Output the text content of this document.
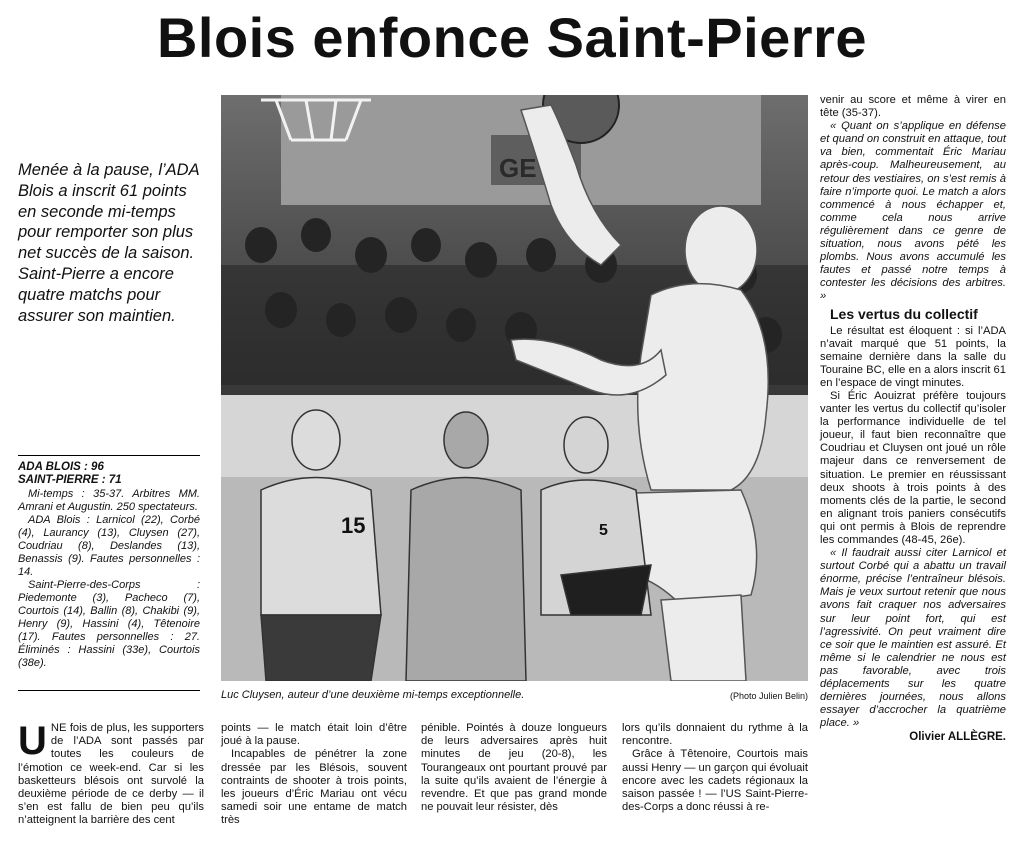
Blois enfonce Saint-Pierre
Menée à la pause, l’ADA Blois a inscrit 61 points en seconde mi-temps pour remporter son plus net succès de la saison. Saint-Pierre a encore quatre matchs pour assurer son maintien.
ADA BLOIS : 96
SAINT-PIERRE : 71

Mi-temps : 35-37. Arbitres MM. Amrani et Augustin. 250 spectateurs.

ADA Blois : Larnicol (22), Corbé (4), Laurancy (13), Cluysen (27), Coudriau (8), Deslandes (13), Benassis (9). Fautes personnelles : 14.

Saint-Pierre-des-Corps : Piedemonte (3), Pacheco (7), Courtois (14), Ballin (8), Chakibi (9), Henry (9), Hassini (4), Têtenoire (17). Fautes personnelles : 27. Éliminés : Hassini (33e), Courtois (38e).

GE
15	5
Luc Cluysen, auteur d’une deuxième mi-temps exceptionnelle.	(Photo Julien Belin)

venir au score et même à virer en tête (35-37).

« Quant on s’applique en défense et quand on construit en attaque, tout va bien, commentait Éric Mariau après-coup. Malheureusement, au retour des vestiaires, on s’est remis à faire n’importe quoi. Le match a alors commencé à nous échapper et, comme cela nous arrive régulièrement dans ce genre de situation, nous avons pété les plombs. Nous avons accumulé les fautes et passé notre temps à contester les décisions des arbitres. »

Les vertus du collectif

Le résultat est éloquent : si l’ADA n’avait marqué que 51 points, la semaine dernière dans la salle du Touraine BC, elle en a alors inscrit 61 en l’espace de vingt minutes.

Si Éric Aouizrat préfère toujours vanter les vertus du collectif qu’isoler la performance individuelle de tel joueur, il faut bien reconnaître que Coudriau et Cluysen ont joué un rôle majeur dans ce renversement de situation. Le premier en réussissant deux shoots à trois points à des moments clés de la partie, le second en alignant trois paniers consécutifs qui ont permis à Blois de reprendre les commandes (48-45, 26e).

« Il faudrait aussi citer Larnicol et surtout Corbé qui a abattu un travail énorme, précise l’entraîneur blésois. Mais je veux surtout retenir que nous avons fait craquer nos adversaires sur leur point fort, qui est l’agressivité. On peut vraiment dire ce soir que le maintien est assuré. Et même si le calendrier ne nous est pas favorable, avec trois déplacements sur les quatre dernières journées, nous allons essayer d’accrocher la quatrième place. »

Olivier ALLÈGRE.
U NE fois de plus, les supporters de l’ADA sont passés par toutes les couleurs de l’émotion ce week-end. Car si les basketteurs blésois ont survolé la deuxième période de ce derby — il s’en est fallu de bien peu qu’ils n’atteignent la barrière des cent

points — le match était loin d’être joué à la pause.

Incapables de pénétrer la zone dressée par les Blésois, souvent contraints de shooter à trois points, les joueurs d’Éric Mariau ont vécu samedi soir une entame de match très

pénible. Pointés à douze longueurs de leurs adversaires après huit minutes de jeu (20-8), les Tourangeaux ont pourtant prouvé par la suite qu’ils avaient de l’énergie à revendre. Et que pas grand monde ne pouvait leur résister, dès

lors qu’ils donnaient du rythme à la rencontre.

Grâce à Têtenoire, Courtois mais aussi Henry — un garçon qui évoluait encore avec les cadets régionaux la saison passée ! — l’US Saint-Pierre-des-Corps a donc réussi à re-
